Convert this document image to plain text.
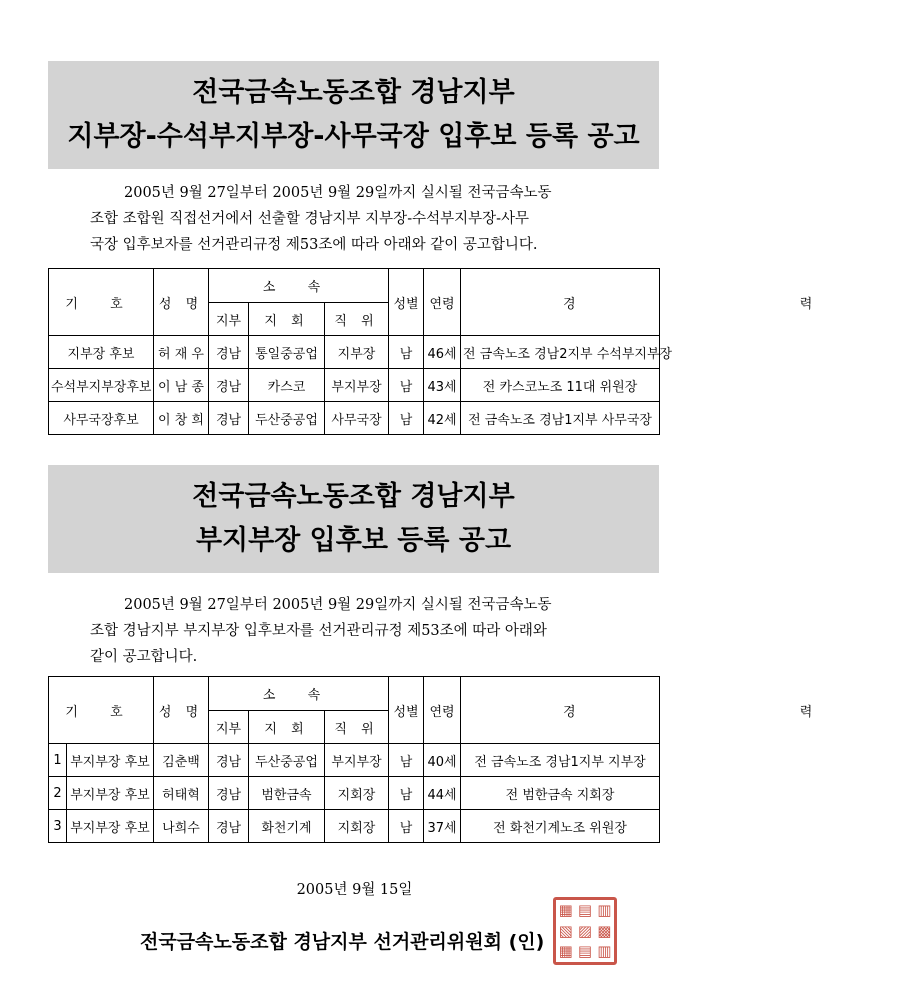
전국금속노동조합 경남지부
지부장-수석부지부장-사무국장 입후보 등록 공고
2005년 9월 27일부터 2005년 9월 29일까지 실시될 전국금속노동
조합 조합원 직접선거에서 선출할 경남지부 지부장-수석부지부장-사무
국장 입후보자를 선거관리규정 제53조에 따라 아래와 같이 공고합니다.
기 호	성 명	소 속			성별	연령	경 력
		지부	지 회	직 위			
지부장 후보	허 재 우	경남	통일중공업	지부장	남	46세	전 금속노조 경남2지부 수석부지부장
수석부지부장후보	이 남 종	경남	카스코	부지부장	남	43세	전 카스코노조 11대 위원장
사무국장후보	이 창 희	경남	두산중공업	사무국장	남	42세	전 금속노조 경남1지부 사무국장
전국금속노동조합 경남지부
부지부장 입후보 등록 공고
2005년 9월 27일부터 2005년 9월 29일까지 실시될 전국금속노동
조합 경남지부 부지부장 입후보자를 선거관리규정 제53조에 따라 아래와
같이 공고합니다.
기 호		성 명	소 속			성별	연령	경 력
			지부	지 회	직 위			
1	부지부장 후보	김춘백	경남	두산중공업	부지부장	남	40세	전 금속노조 경남1지부 지부장
2	부지부장 후보	허태혁	경남	범한금속	지회장	남	44세	전 범한금속 지회장
3	부지부장 후보	나희수	경남	화천기계	지회장	남	37세	전 화천기계노조 위원장
2005년 9월 15일
전국금속노동조합 경남지부 선거관리위원회 (인)
▦ ▤ ▥
▧ ▨ ▩
▦ ▤ ▥
